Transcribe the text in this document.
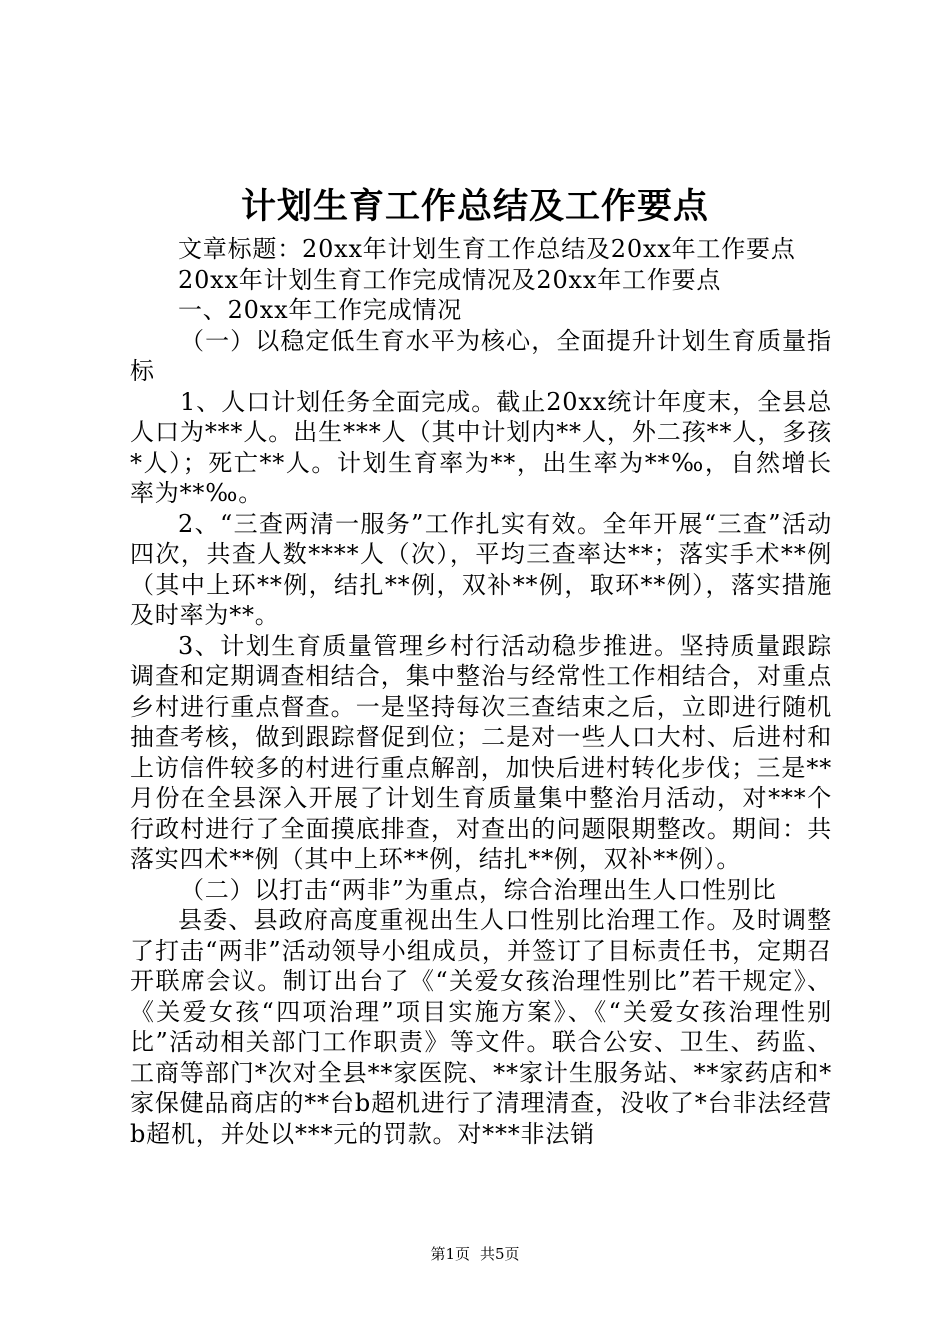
计划生育工作总结及工作要点

文章标题：20xx年计划生育工作总结及20xx年工作要点

20xx年计划生育工作完成情况及20xx年工作要点

一、20xx年工作完成情况

（一）以稳定低生育水平为核心，全面提升计划生育质量指标

1、人口计划任务全面完成。截止20xx统计年度末，全县总人口为***人。出生***人（其中计划内**人，外二孩**人，多孩*人）；死亡**人。计划生育率为**，出生率为**‰，自然增长率为**‰。

2、“三查两清一服务”工作扎实有效。全年开展“三查”活动四次，共查人数****人（次），平均三查率达**；落实手术**例（其中上环**例，结扎**例，双补**例，取环**例），落实措施及时率为**。

3、计划生育质量管理乡村行活动稳步推进。坚持质量跟踪调查和定期调查相结合，集中整治与经常性工作相结合，对重点乡村进行重点督查。一是坚持每次三查结束之后，立即进行随机抽查考核，做到跟踪督促到位；二是对一些人口大村、后进村和上访信件较多的村进行重点解剖，加快后进村转化步伐；三是**月份在全县深入开展了计划生育质量集中整治月活动，对***个行政村进行了全面摸底排查，对查出的问题限期整改。期间：共落实四术**例（其中上环**例，结扎**例，双补**例）。

（二）以打击“两非”为重点，综合治理出生人口性别比

县委、县政府高度重视出生人口性别比治理工作。及时调整了打击“两非”活动领导小组成员，并签订了目标责任书，定期召开联席会议。制订出台了《“关爱女孩治理性别比”若干规定》、《关爱女孩“四项治理”项目实施方案》、《“关爱女孩治理性别比”活动相关部门工作职责》等文件。联合公安、卫生、药监、工商等部门*次对全县**家医院、**家计生服务站、**家药店和*家保健品商店的**台b超机进行了清理清查，没收了*台非法经营b超机，并处以***元的罚款。对***非法销

第1页 共5页
